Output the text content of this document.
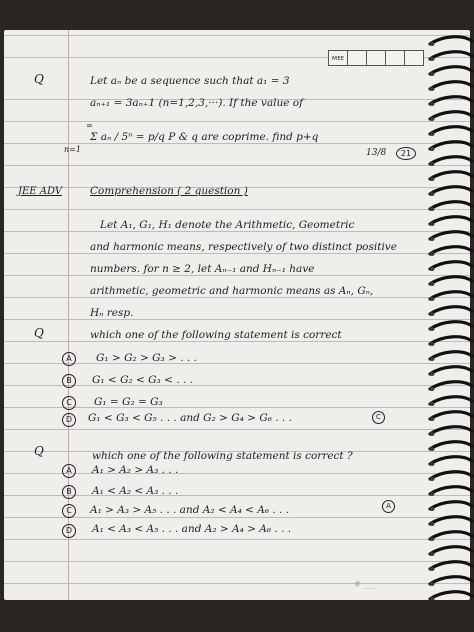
ᴍᴇᴇ
Q	Let aₙ be a sequence such that a₁ = 3
aₙ₊₁ = 3aₙ₊1 (n=1,2,3,···). If the value of
∞
Σ aₙ / 5ⁿ = p/q P & q are coprime. find p+q
n=1	13/8	21
JEE ADV	Comprehension ( 2 question )
Let A₁, G₁, H₁ denote the Arithmetic, Geometric
and harmonic means, respectively of two distinct positive
numbers. for n ≥ 2, let Aₙ₋₁ and Hₙ₋₁ have
arithmetic, geometric and harmonic means as Aₙ, Gₙ,
Hₙ resp.
Q	which one of the following statement is correct
A	G₁ > G₂ > G₃ > . . .
B	G₁ < G₂ < G₃ < . . .
C	G₁ = G₂ = G₃
D	G₁ < G₃ < G₅ . . . and G₂ > G₄ > G₆ . . .	C
Q	which one of the following statement is correct ?
A	A₁ > A₂ > A₃ . . .
B	A₁ < A₂ < A₃ . . .
C	A₁ > A₃ > A₅ . . . and A₂ < A₄ < A₆ . . .	A
D	A₁ < A₃ < A₅ . . . and A₂ > A₄ > A₆ . . .
# ___
